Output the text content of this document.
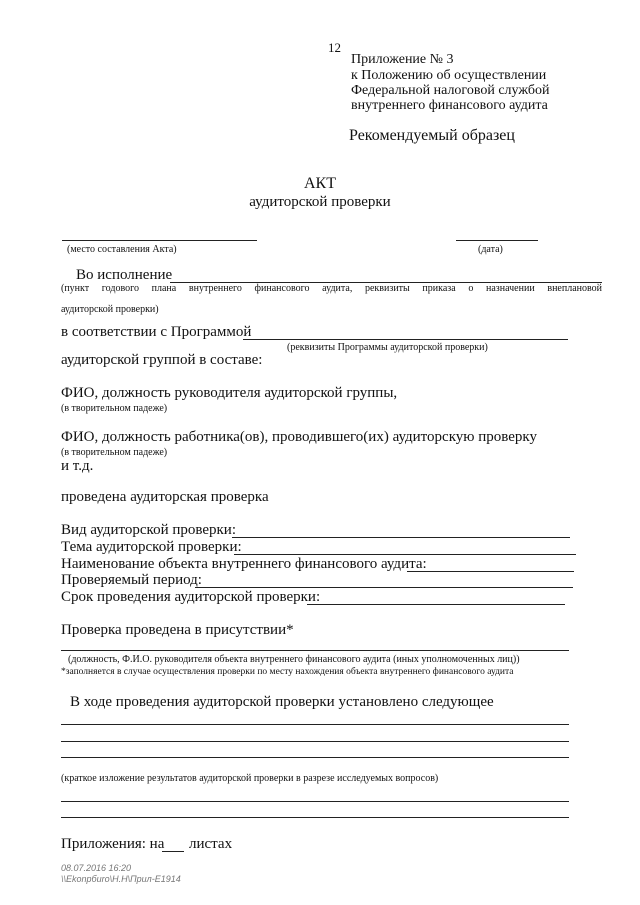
12
Приложение № 3
к Положению об осуществлении
Федеральной налоговой службой
внутреннего финансового аудита
Рекомендуемый образец
АКТ
аудиторской проверки
(место составления Акта)	(дата)
Во исполнение
(пункт годового плана внутреннего финансового аудита, реквизиты приказа о назначении внеплановой
аудиторской проверки)
в соответствии с Программой
(реквизиты Программы аудиторской проверки)
аудиторской группой в составе:
ФИО, должность руководителя аудиторской группы,
(в творительном падеже)
ФИО, должность работника(ов), проводившего(их) аудиторскую проверку
(в творительном падеже)
и т.д.
проведена аудиторская проверка
Вид аудиторской проверки:
Тема аудиторской проверки:
Наименование объекта внутреннего финансового аудита:
Проверяемый период:
Срок проведения аудиторской проверки:
Проверка проведена в присутствии*
(должность, Ф.И.О. руководителя объекта внутреннего финансового аудита (иных уполномоченных лиц))
*заполняется в случае осуществления проверки по месту нахождения объекта внутреннего финансового аудита
В ходе проведения аудиторской проверки установлено следующее
(краткое изложение результатов аудиторской проверки в разрезе исследуемых вопросов)
Приложения: на листах
08.07.2016 16:20
\\Ekonpбuro\Н.Н\Прил-Е1914
